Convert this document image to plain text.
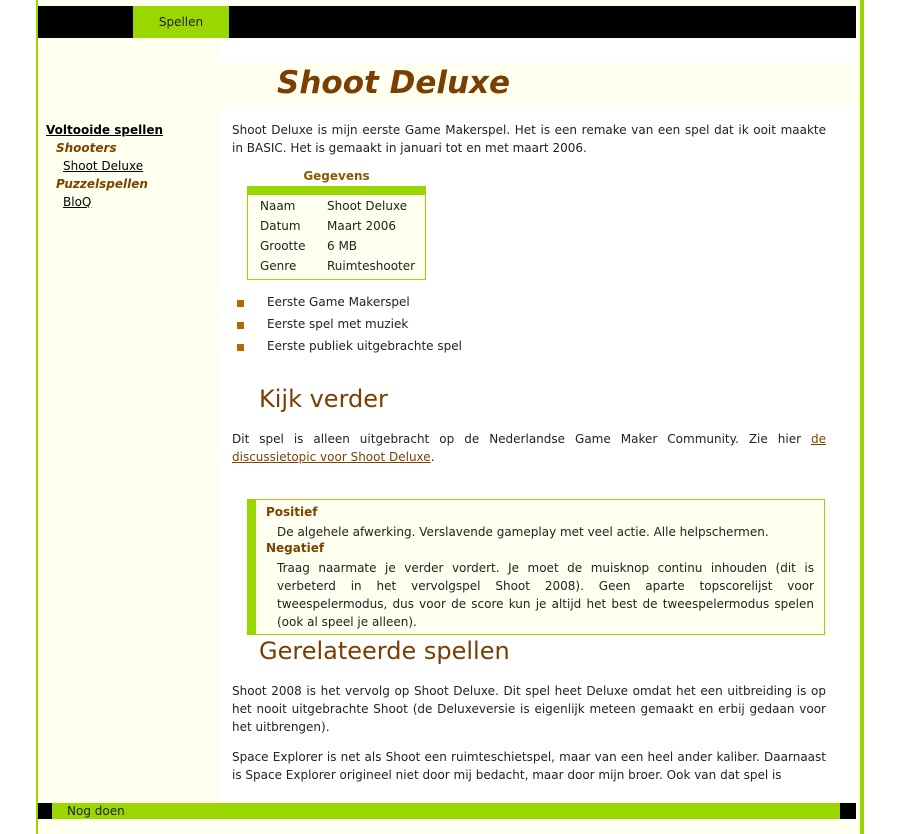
Spellen
Voltooide spellen
Shooters
Shoot Deluxe
Puzzelspellen
BloQ
Shoot Deluxe

Shoot Deluxe is mijn eerste Game Makerspel. Het is een remake van een spel dat ik ooit maakte in BASIC. Het is gemaakt in januari tot en met maart 2006.

Gegevens
Naam	Shoot Deluxe
Datum Maart 2006
Grootte 6 MB
Genre	Ruimteshooter
Eerste Game Makerspel
Eerste spel met muziek
Eerste publiek uitgebrachte spel
Kijk verder

Dit spel is alleen uitgebracht op de Nederlandse Game Maker Community. Zie hier de discussietopic voor Shoot Deluxe.

Positief

De algehele afwerking. Verslavende gameplay met veel actie. Alle helpschermen.

Negatief

Traag naarmate je verder vordert. Je moet de muisknop continu inhouden (dit is verbeterd in het vervolgspel Shoot 2008). Geen aparte topscorelijst voor tweespelermodus, dus voor de score kun je altijd het best de tweespelermodus spelen (ook al speel je alleen).

Gerelateerde spellen

Shoot 2008 is het vervolg op Shoot Deluxe. Dit spel heet Deluxe omdat het een uitbreiding is op het nooit uitgebrachte Shoot (de Deluxeversie is eigenlijk meteen gemaakt en erbij gedaan voor het uitbrengen).

Space Explorer is net als Shoot een ruimteschietspel, maar van een heel ander kaliber. Daarnaast is Space Explorer origineel niet door mij bedacht, maar door mijn broer. Ook van dat spel is

Nog doen
